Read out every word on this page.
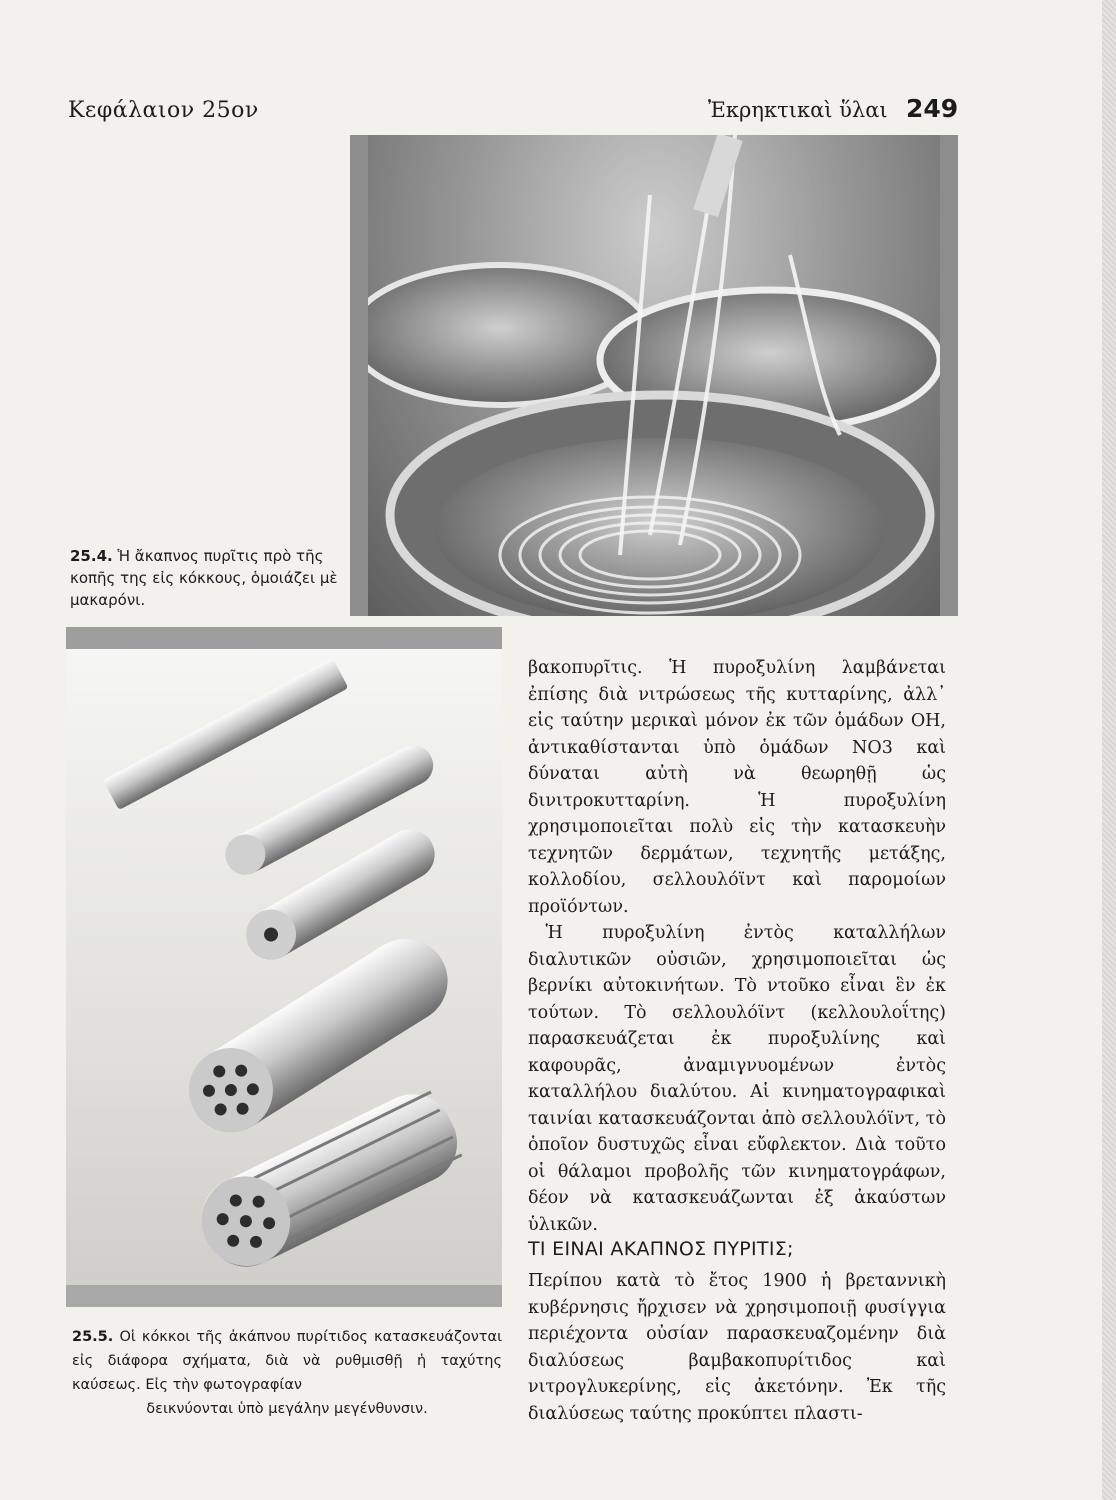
Κεφάλαιον 25ον	Ἐκρηκτικαὶ ὕλαι 249
25.4. Ἡ ἄκαπνος πυρῖτις πρὸ τῆς κοπῆς της εἰς κόκκους, ὁμοιάζει μὲ μακαρόνι.
25.5. Οἱ κόκκοι τῆς ἀκάπνου πυρίτιδος κατασκευάζονται εἰς διάφορα σχήματα, διὰ νὰ ρυθμισθῇ ἡ ταχύτης καύσεως. Εἰς τὴν φωτογραφίαν
δεικνύονται ὑπὸ μεγάλην μεγένθυνσιν.

βακοπυρῖτις. Ἡ πυροξυλίνη λαμβάνεται ἐπίσης διὰ νιτρώσεως τῆς κυτταρίνης, ἀλλ᾽ εἰς ταύτην μερικαὶ μόνον ἐκ τῶν ὁμάδων ΟΗ, ἀντικαθίστανται ὑπὸ ὁμάδων ΝΟ3 καὶ δύναται αὐτὴ νὰ θεωρηθῇ ὡς δινιτροκυτταρίνη. Ἡ πυροξυλίνη χρησιμοποιεῖται πολὺ εἰς τὴν κατασκευὴν τεχνητῶν δερμάτων, τεχνητῆς μετάξης, κολλοδίου, σελλουλόϊντ καὶ παρομοίων προϊόντων.

Ἡ πυροξυλίνη ἐντὸς καταλλήλων διαλυτικῶν οὐσιῶν, χρησιμοποιεῖται ὡς βερνίκι αὐτοκινήτων. Τὸ ντοῦκο εἶναι ἓν ἐκ τούτων. Τὸ σελλουλόϊντ (κελλουλοΐτης) παρασκευάζεται ἐκ πυροξυλίνης καὶ καφουρᾶς, ἀναμιγνυομένων ἐντὸς καταλλήλου διαλύτου. Αἱ κινηματογραφικαὶ ταινίαι κατασκευάζονται ἀπὸ σελλουλόϊντ, τὸ ὁποῖον δυστυχῶς εἶναι εὔφλεκτον. Διὰ τοῦτο οἱ θάλαμοι προβολῆς τῶν κινηματογράφων, δέον νὰ κατασκευάζωνται ἐξ ἀκαύστων ὑλικῶν.

ΤΙ ΕΙΝΑΙ ΑΚΑΠΝΟΣ ΠΥΡΙΤΙΣ;

Περίπου κατὰ τὸ ἔτος 1900 ἡ βρεταννικὴ κυβέρνησις ἤρχισεν νὰ χρησιμοποιῇ φυσίγγια περιέχοντα οὐσίαν παρασκευαζομένην διὰ διαλύσεως βαμβακοπυρίτιδος καὶ νιτρογλυκερίνης, εἰς ἀκετόνην. Ἐκ τῆς διαλύσεως ταύτης προκύπτει πλαστι-
